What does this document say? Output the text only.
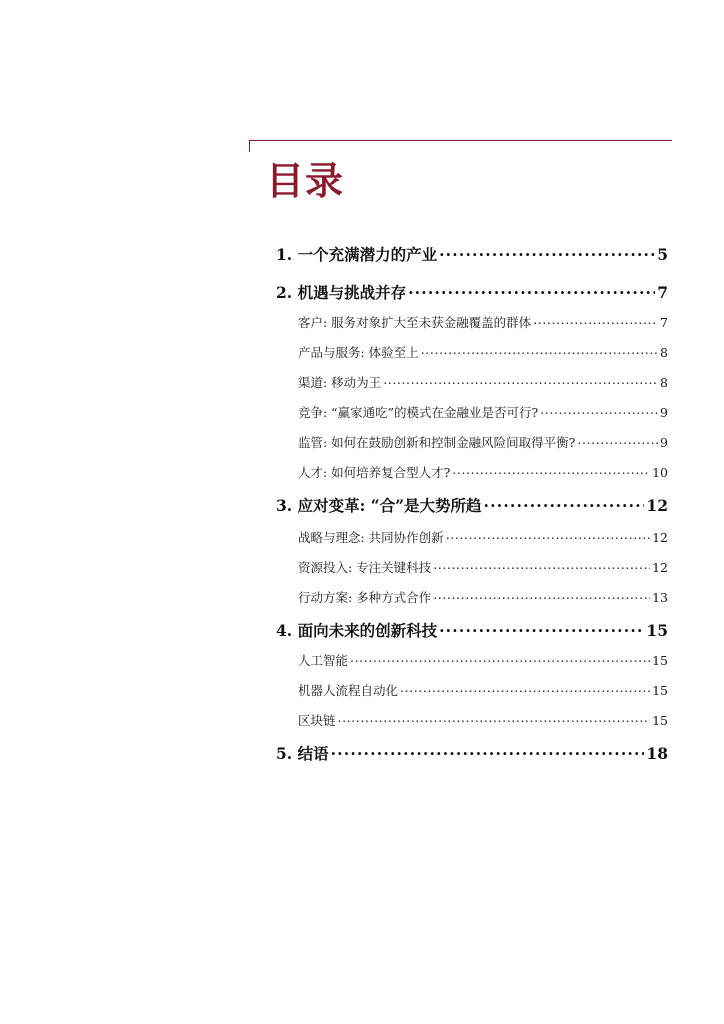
目录
1. 一个充满潜力的产业 .....	5
2. 机遇与挑战并存 .....	7
客户: 服务对象扩大至未获金融覆盖的群体 .....	7
产品与服务: 体验至上 .....	8
渠道: 移动为王 .....	8
竞争: “赢家通吃”的模式在金融业是否可行? .....	9
监管: 如何在鼓励创新和控制金融风险间取得平衡? .....	9
人才: 如何培养复合型人才? .....	10
3. 应对变革: “合”是大势所趋 .....	12
战略与理念: 共同协作创新 .....	12
资源投入: 专注关键科技 .....	12
行动方案: 多种方式合作 .....	13
4. 面向未来的创新科技 .....	15
人工智能 .....	15
机器人流程自动化 .....	15
区块链 .....	15
5. 结语 .....	18
